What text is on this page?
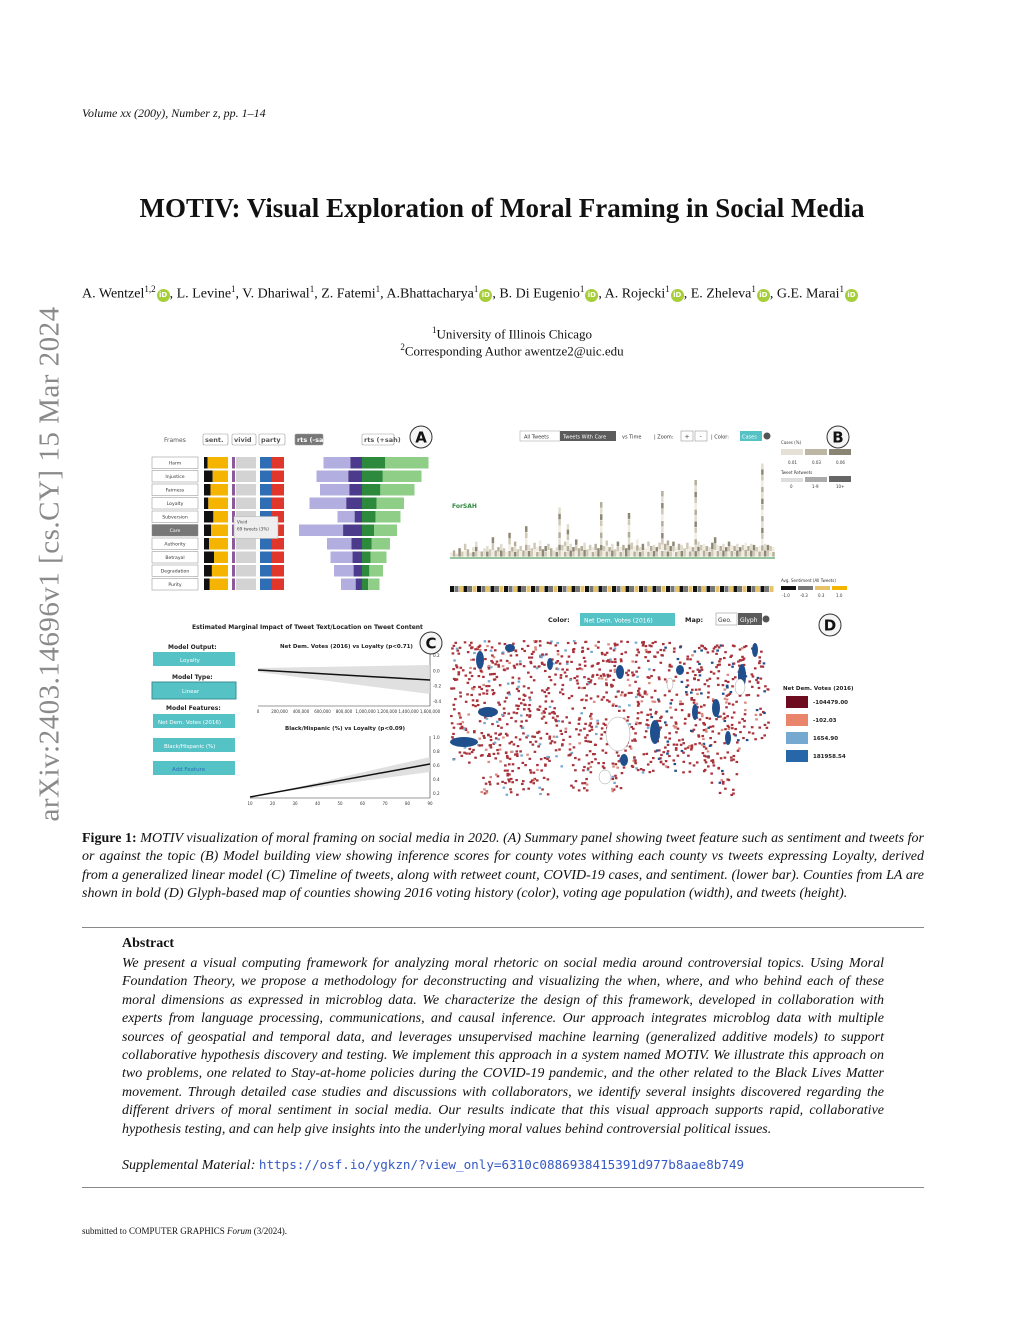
Volume xx (200y), Number z, pp. 1–14
arXiv:2403.14696v1 [cs.CY] 15 Mar 2024
MOTIV: Visual Exploration of Moral Framing in Social Media
A. Wentzel$^{1,2}$iD , L. Levine$^1$, V. Dhariwal$^1$, Z. Fatemi$^1$, A.Bhattacharya$^1$iD , B. Di Eugenio$^1$iD , A. Rojecki$^1$iD , E. Zheleva$^1$iD , G.E. Marai$^1$iD
$^1$University of Illinois Chicago
$^2$Corresponding Author awentze2@uic.edu
Frames	sent. vivid party	rts (-sah)	rts (+sah)
Harm
Injustice
Fairness
Loyalty
Subversion
Care
Authority
Betrayal
Degradation
Purity
Vivid
69 tweets (3%)
All Tweets	Tweets With Care	vs Time	| Zoom: + - | Color:	Cases
ForSAH
Cases (%)
0.01	0.03	0.06
Tweet Retweets
0	1-9	10+
Avg. Sentiment (All Tweets)
-1.0	-0.3	0.3	1.0
Estimated Marginal Impact of Tweet Text/Location on Tweet Content
Model Output:
Loyalty
Model Type:
Linear
Model Features:
Net Dem. Votes (2016)
Black/Hispanic (%)
Add Feature
Net Dem. Votes (2016) vs Loyalty (p<0.71)
0.2
0.0
-0.2
-0.4
0	200,000 400,000 600,000 800,000 1,000,000 1,200,000 1,400,000 1,600,000
Black/Hispanic (%) vs Loyalty (p<0.09)
1.0
0.8
0.6
0.4
0.2
10	20	30	40	50	60	70	80	90
Color: Net Dem. Votes (2016)	Map: Geo. Glyph
Net Dem. Votes (2016)
-104479.00
-102.03
1654.90
181958.54
A	B
C
D
Figure 1: MOTIV visualization of moral framing on social media in 2020. (A) Summary panel showing tweet feature such as sentiment and tweets for or against the topic (B) Model building view showing inference scores for county votes withing each county vs tweets expressing Loyalty, derived from a generalized linear model (C) Timeline of tweets, along with retweet count, COVID-19 cases, and sentiment. (lower bar). Counties from LA are shown in bold (D) Glyph-based map of counties showing 2016 voting history (color), voting age population (width), and tweets (height).
Abstract
We present a visual computing framework for analyzing moral rhetoric on social media around controversial topics. Using Moral Foundation Theory, we propose a methodology for deconstructing and visualizing the when, where, and who behind each of these moral dimensions as expressed in microblog data. We characterize the design of this framework, developed in collaboration with experts from language processing, communications, and causal inference. Our approach integrates microblog data with multiple sources of geospatial and temporal data, and leverages unsupervised machine learning (generalized additive models) to support collaborative hypothesis discovery and testing. We implement this approach in a system named MOTIV. We illustrate this approach on two problems, one related to Stay-at-home policies during the COVID-19 pandemic, and the other related to the Black Lives Matter movement. Through detailed case studies and discussions with collaborators, we identify several insights discovered regarding the different drivers of moral sentiment in social media. Our results indicate that this visual approach supports rapid, collaborative hypothesis testing, and can help give insights into the underlying moral values behind controversial political issues.
Supplemental Material: https://osf.io/ygkzn/?view_only=6310c0886938415391d977b8aae8b749
submitted to COMPUTER GRAPHICS Forum (3/2024).
